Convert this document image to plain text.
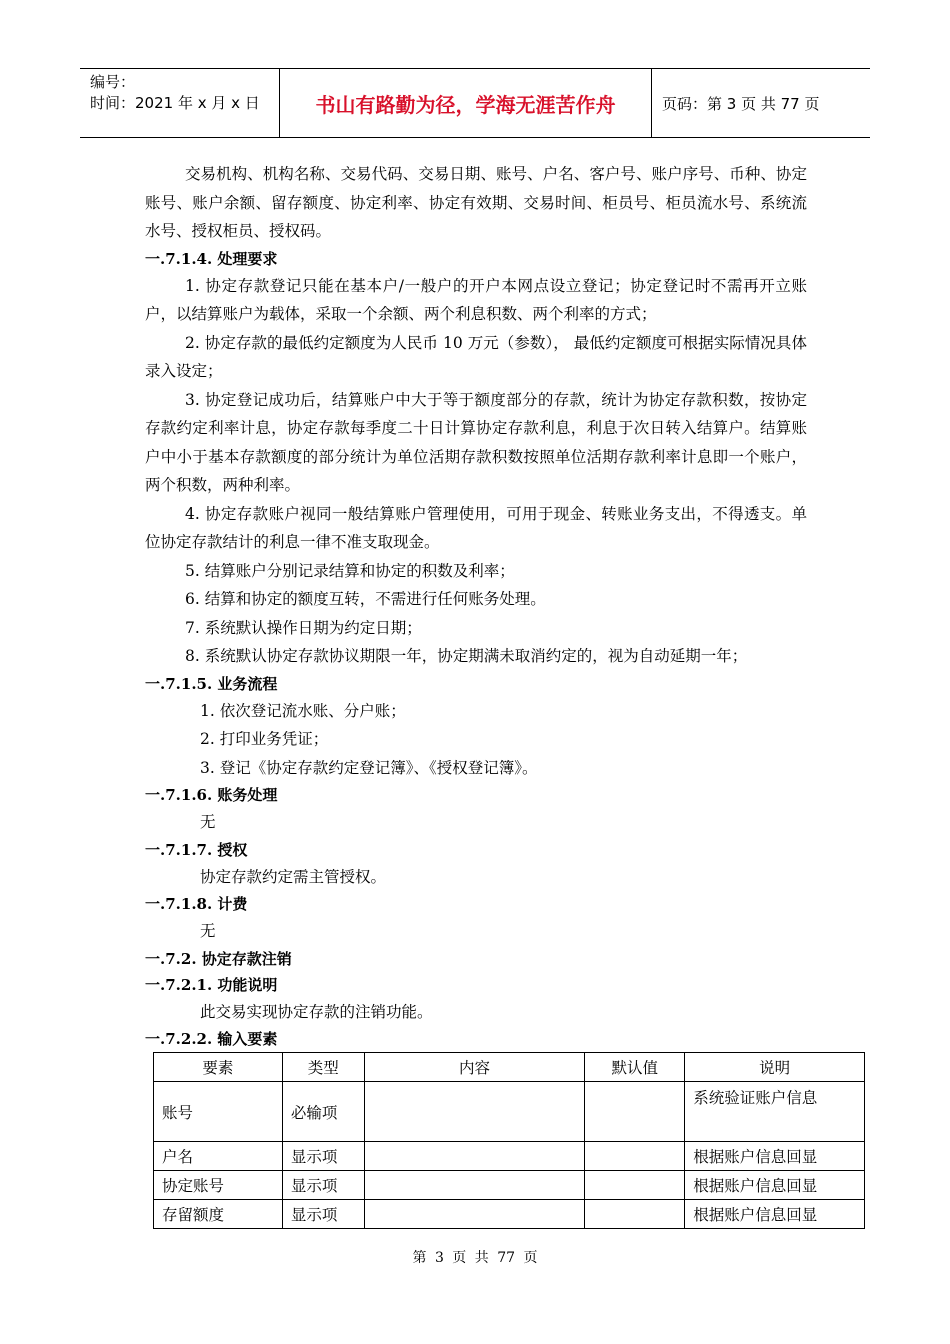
编号：
时间：2021 年 x 月 x 日	书山有路勤为径，学海无涯苦作舟	页码：第 3 页 共 77 页

交易机构、机构名称、交易代码、交易日期、账号、户名、客户号、账户序号、币种、协定账号、账户余额、留存额度、协定利率、协定有效期、交易时间、柜员号、柜员流水号、系统流水号、授权柜员、授权码。

一.7.1.4. 处理要求

1. 协定存款登记只能在基本户/一般户的开户本网点设立登记；协定登记时不需再开立账户，以结算账户为载体，采取一个余额、两个利息积数、两个利率的方式；

2. 协定存款的最低约定额度为人民币 10 万元（参数）， 最低约定额度可根据实际情况具体录入设定；

3. 协定登记成功后，结算账户中大于等于额度部分的存款，统计为协定存款积数，按协定存款约定利率计息，协定存款每季度二十日计算协定存款利息，利息于次日转入结算户。结算账户中小于基本存款额度的部分统计为单位活期存款积数按照单位活期存款利率计息即一个账户，两个积数，两种利率。

4. 协定存款账户视同一般结算账户管理使用，可用于现金、转账业务支出，不得透支。单位协定存款结计的利息一律不准支取现金。

5. 结算账户分别记录结算和协定的积数及利率；

6. 结算和协定的额度互转，不需进行任何账务处理。

7. 系统默认操作日期为约定日期；

8. 系统默认协定存款协议期限一年，协定期满未取消约定的，视为自动延期一年；

一.7.1.5. 业务流程

1. 依次登记流水账、分户账；

2. 打印业务凭证；

3. 登记《协定存款约定登记簿》、《授权登记簿》。

一.7.1.6. 账务处理

无

一.7.1.7. 授权

协定存款约定需主管授权。

一.7.1.8. 计费

无

一.7.2. 协定存款注销

一.7.2.1. 功能说明

此交易实现协定存款的注销功能。

一.7.2.2. 输入要素

要素	类型	内容	默认值	说明
账号	必输项			系统验证账户信息
户名	显示项			根据账户信息回显
协定账号	显示项			根据账户信息回显
存留额度	显示项			根据账户信息回显
第 3 页 共 77 页
